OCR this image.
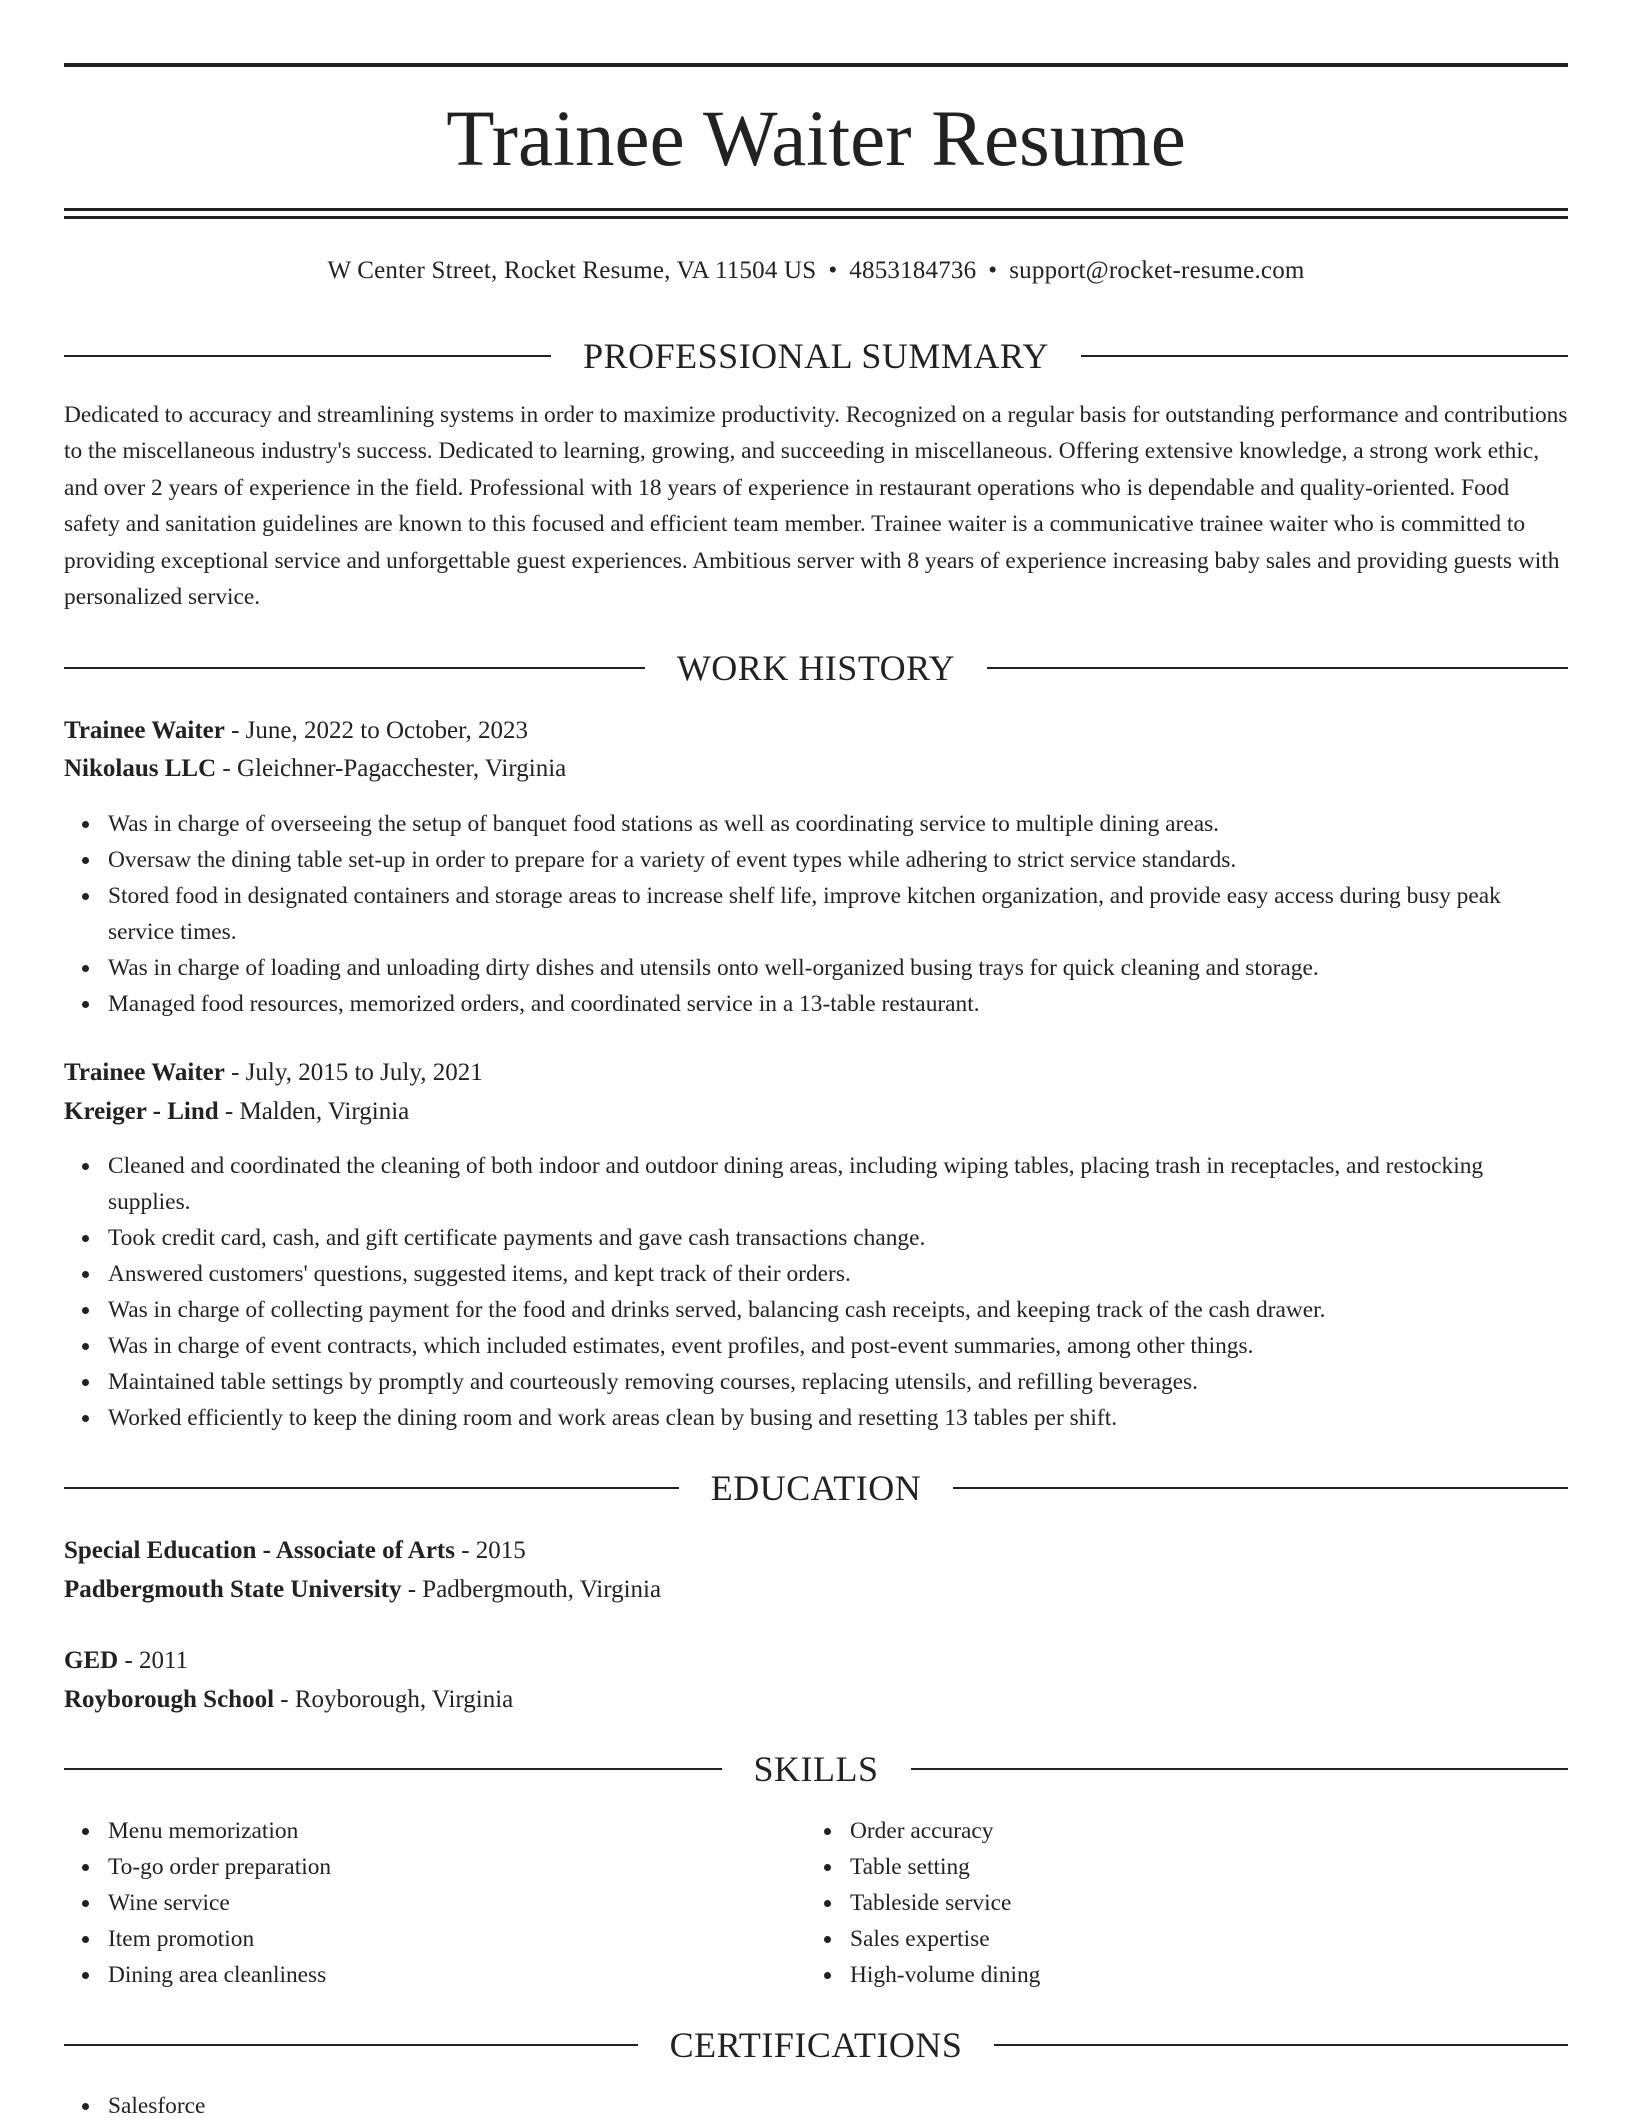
Trainee Waiter Resume
W Center Street, Rocket Resume, VA 11504 US • 4853184736 • support@rocket-resume.com
PROFESSIONAL SUMMARY
Dedicated to accuracy and streamlining systems in order to maximize productivity. Recognized on a regular basis for outstanding performance and contributions to the miscellaneous industry's success. Dedicated to learning, growing, and succeeding in miscellaneous. Offering extensive knowledge, a strong work ethic, and over 2 years of experience in the field. Professional with 18 years of experience in restaurant operations who is dependable and quality-oriented. Food safety and sanitation guidelines are known to this focused and efficient team member. Trainee waiter is a communicative trainee waiter who is committed to providing exceptional service and unforgettable guest experiences. Ambitious server with 8 years of experience increasing baby sales and providing guests with personalized service.
WORK HISTORY
Trainee Waiter - June, 2022 to October, 2023
Nikolaus LLC - Gleichner-Pagacchester, Virginia
Was in charge of overseeing the setup of banquet food stations as well as coordinating service to multiple dining areas.
Oversaw the dining table set-up in order to prepare for a variety of event types while adhering to strict service standards.
Stored food in designated containers and storage areas to increase shelf life, improve kitchen organization, and provide easy access during busy peak service times.
Was in charge of loading and unloading dirty dishes and utensils onto well-organized busing trays for quick cleaning and storage.
Managed food resources, memorized orders, and coordinated service in a 13-table restaurant.
Trainee Waiter - July, 2015 to July, 2021
Kreiger - Lind - Malden, Virginia
Cleaned and coordinated the cleaning of both indoor and outdoor dining areas, including wiping tables, placing trash in receptacles, and restocking supplies.
Took credit card, cash, and gift certificate payments and gave cash transactions change.
Answered customers' questions, suggested items, and kept track of their orders.
Was in charge of collecting payment for the food and drinks served, balancing cash receipts, and keeping track of the cash drawer.
Was in charge of event contracts, which included estimates, event profiles, and post-event summaries, among other things.
Maintained table settings by promptly and courteously removing courses, replacing utensils, and refilling beverages.
Worked efficiently to keep the dining room and work areas clean by busing and resetting 13 tables per shift.
EDUCATION
Special Education - Associate of Arts - 2015
Padbergmouth State University - Padbergmouth, Virginia
GED - 2011
Royborough School - Royborough, Virginia
SKILLS
Menu memorization
To-go order preparation
Wine service
Item promotion
Dining area cleanliness
Order accuracy
Table setting
Tableside service
Sales expertise
High-volume dining
CERTIFICATIONS
Salesforce
